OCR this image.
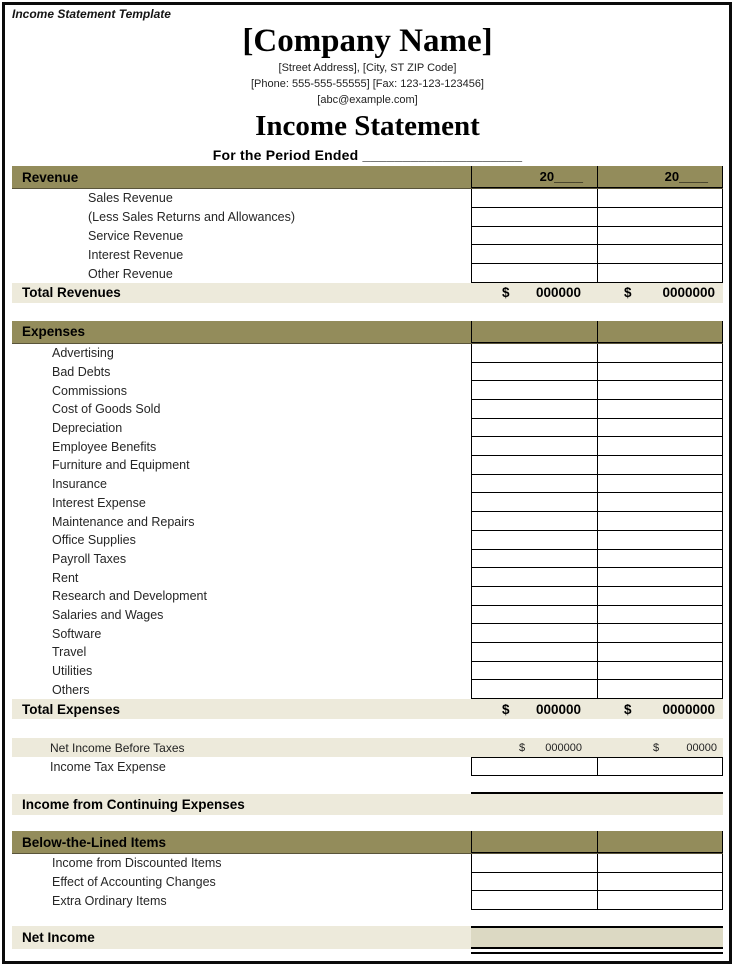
Income Statement Template
[Company Name]
[Street Address], [City, ST ZIP Code]
[Phone: 555-555-55555] [Fax: 123-123-123456]
[abc@example.com]
Income Statement
For the Period Ended ____________________
Revenue	20____	20____
Sales Revenue
(Less Sales Returns and Allowances)
Service Revenue
Interest Revenue
Other Revenue
Total Revenues	$ 000000	$ 0000000
Expenses
Advertising
Bad Debts
Commissions
Cost of Goods Sold
Depreciation
Employee Benefits
Furniture and Equipment
Insurance
Interest Expense
Maintenance and Repairs
Office Supplies
Payroll Taxes
Rent
Research and Development
Salaries and Wages
Software
Travel
Utilities
Others
Total Expenses	$ 000000	$ 0000000
Net Income Before Taxes	$ 000000	$ 00000
Income Tax Expense
Income from Continuing Expenses
Below-the-Lined Items
Income from Discounted Items
Effect of Accounting Changes
Extra Ordinary Items
Net Income
